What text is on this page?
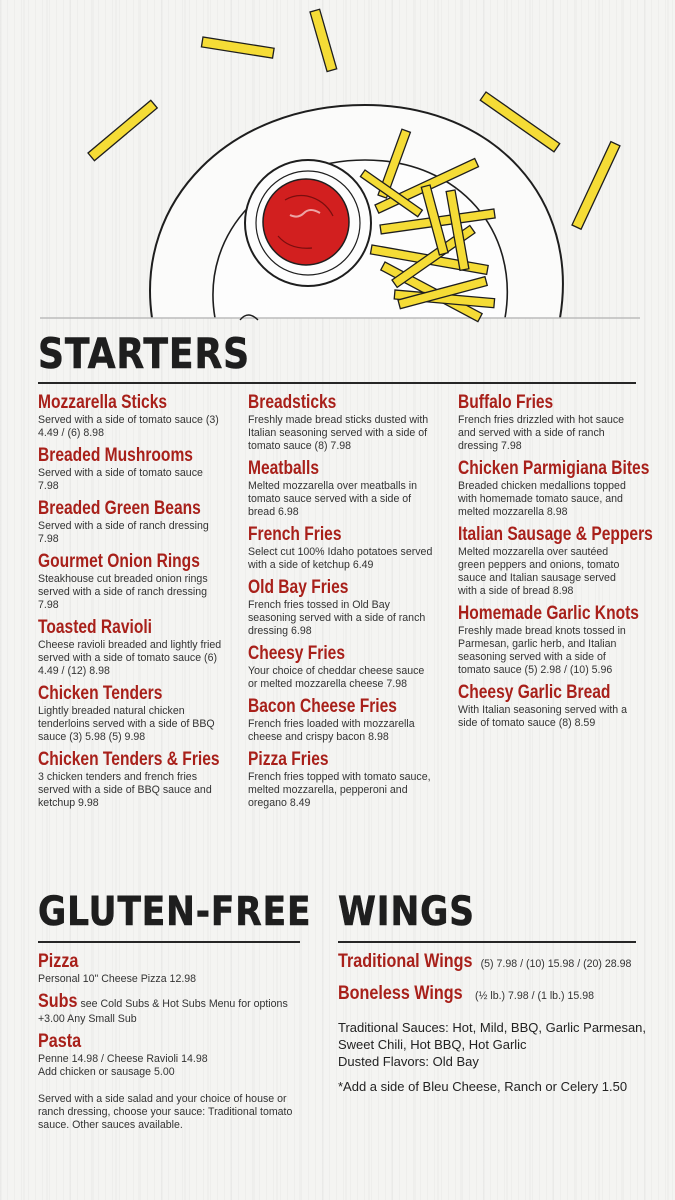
STARTERS
Mozzarella Sticks
Served with a side of tomato sauce (3) 4.49 / (6) 8.98
Breaded Mushrooms
Served with a side of tomato sauce 7.98
Breaded Green Beans
Served with a side of ranch dressing 7.98
Gourmet Onion Rings
Steakhouse cut breaded onion rings served with a side of ranch dressing 7.98
Toasted Ravioli
Cheese ravioli breaded and lightly fried served with a side of tomato sauce (6) 4.49 / (12) 8.98
Chicken Tenders
Lightly breaded natural chicken tenderloins served with a side of BBQ sauce (3) 5.98 (5) 9.98
Chicken Tenders & Fries
3 chicken tenders and french fries served with a side of BBQ sauce and ketchup 9.98
Breadsticks
Freshly made bread sticks dusted with Italian seasoning served with a side of tomato sauce (8) 7.98
Meatballs
Melted mozzarella over meatballs in tomato sauce served with a side of bread 6.98
French Fries
Select cut 100% Idaho potatoes served with a side of ketchup 6.49
Old Bay Fries
French fries tossed in Old Bay seasoning served with a side of ranch dressing 6.98
Cheesy Fries
Your choice of cheddar cheese sauce or melted mozzarella cheese 7.98
Bacon Cheese Fries
French fries loaded with mozzarella cheese and crispy bacon 8.98
Pizza Fries
French fries topped with tomato sauce, melted mozzarella, pepperoni and oregano 8.49
Buffalo Fries
French fries drizzled with hot sauce and served with a side of ranch dressing 7.98
Chicken Parmigiana Bites
Breaded chicken medallions topped with homemade tomato sauce, and melted mozzarella 8.98
Italian Sausage & Peppers
Melted mozzarella over sautéed green peppers and onions, tomato sauce and Italian sausage served with a side of bread 8.98
Homemade Garlic Knots
Freshly made bread knots tossed in Parmesan, garlic herb, and Italian seasoning served with a side of tomato sauce (5) 2.98 / (10) 5.96
Cheesy Garlic Bread
With Italian seasoning served with a side of tomato sauce (8) 8.59
GLUTEN-FREE
Pizza
Personal 10" Cheese Pizza 12.98
Subs see Cold Subs & Hot Subs Menu for options
+3.00 Any Small Sub
Pasta
Penne 14.98 / Cheese Ravioli 14.98
Add chicken or sausage 5.00
Served with a side salad and your choice of house or ranch dressing, choose your sauce: Traditional tomato sauce. Other sauces available.
WINGS
Traditional Wings (5) 7.98 / (10) 15.98 / (20) 28.98
Boneless Wings (½ lb.) 7.98 / (1 lb.) 15.98
Traditional Sauces: Hot, Mild, BBQ, Garlic Parmesan, Sweet Chili, Hot BBQ, Hot Garlic
Dusted Flavors: Old Bay
*Add a side of Bleu Cheese, Ranch or Celery 1.50
